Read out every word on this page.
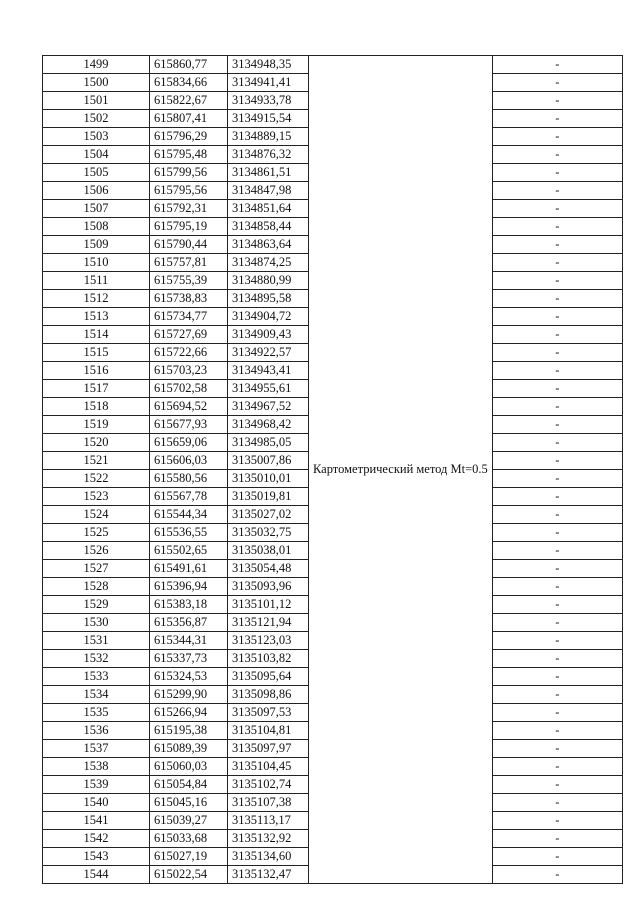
1499	615860,77	3134948,35	Картометрический метод Mt=0.5	-
1500	615834,66	3134941,41		-
1501	615822,67	3134933,78		-
1502	615807,41	3134915,54		-
1503	615796,29	3134889,15		-
1504	615795,48	3134876,32		-
1505	615799,56	3134861,51		-
1506	615795,56	3134847,98		-
1507	615792,31	3134851,64		-
1508	615795,19	3134858,44		-
1509	615790,44	3134863,64		-
1510	615757,81	3134874,25		-
1511	615755,39	3134880,99		-
1512	615738,83	3134895,58		-
1513	615734,77	3134904,72		-
1514	615727,69	3134909,43		-
1515	615722,66	3134922,57		-
1516	615703,23	3134943,41		-
1517	615702,58	3134955,61		-
1518	615694,52	3134967,52		-
1519	615677,93	3134968,42		-
1520	615659,06	3134985,05		-
1521	615606,03	3135007,86		-
1522	615580,56	3135010,01		-
1523	615567,78	3135019,81		-
1524	615544,34	3135027,02		-
1525	615536,55	3135032,75		-
1526	615502,65	3135038,01		-
1527	615491,61	3135054,48		-
1528	615396,94	3135093,96		-
1529	615383,18	3135101,12		-
1530	615356,87	3135121,94		-
1531	615344,31	3135123,03		-
1532	615337,73	3135103,82		-
1533	615324,53	3135095,64		-
1534	615299,90	3135098,86		-
1535	615266,94	3135097,53		-
1536	615195,38	3135104,81		-
1537	615089,39	3135097,97		-
1538	615060,03	3135104,45		-
1539	615054,84	3135102,74		-
1540	615045,16	3135107,38		-
1541	615039,27	3135113,17		-
1542	615033,68	3135132,92		-
1543	615027,19	3135134,60		-
1544	615022,54	3135132,47		-
